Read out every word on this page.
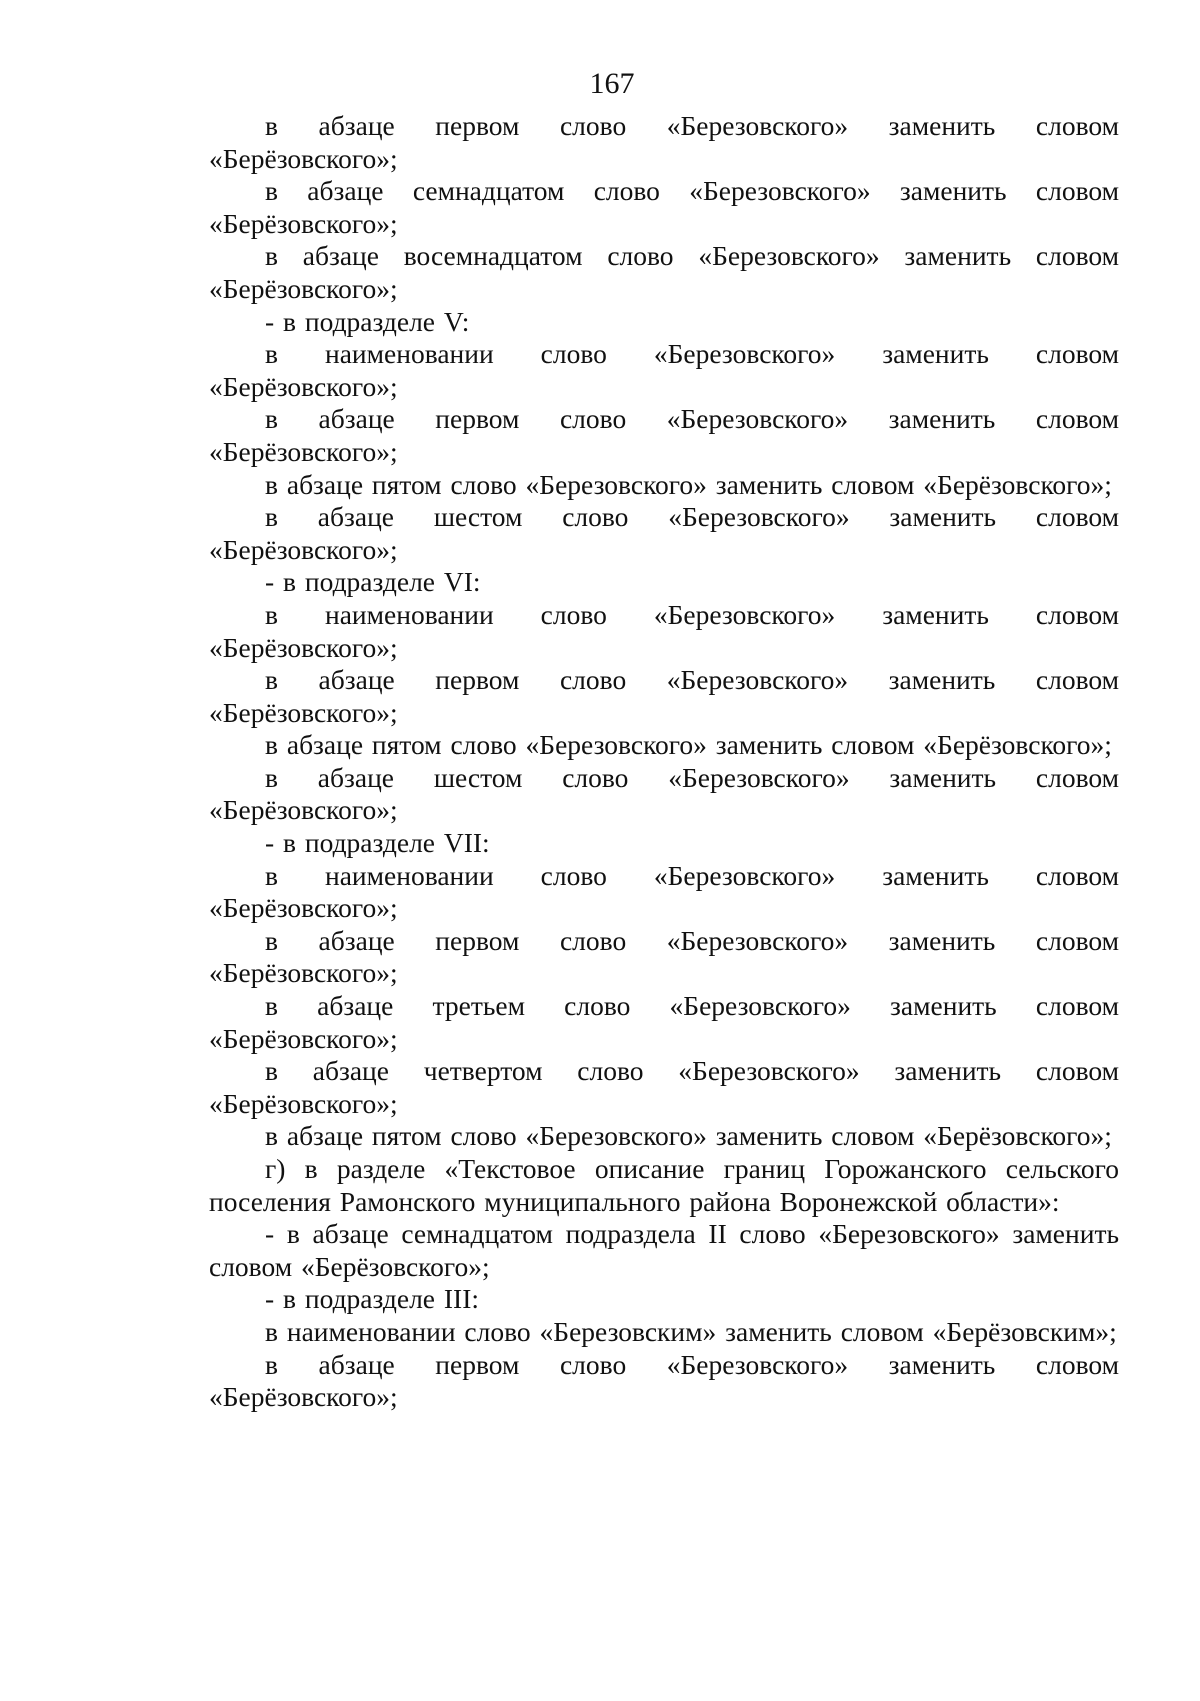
167

в абзаце первом слово «Березовского» заменить словом «Берёзовского»;

в абзаце семнадцатом слово «Березовского» заменить словом «Берёзовского»;

в абзаце восемнадцатом слово «Березовского» заменить словом «Берёзовского»;

- в подразделе V:

в наименовании слово «Березовского» заменить словом «Берёзовского»;

в абзаце первом слово «Березовского» заменить словом «Берёзовского»;

в абзаце пятом слово «Березовского» заменить словом «Берёзовского»;

в абзаце шестом слово «Березовского» заменить словом «Берёзовского»;

- в подразделе VI:

в наименовании слово «Березовского» заменить словом «Берёзовского»;

в абзаце первом слово «Березовского» заменить словом «Берёзовского»;

в абзаце пятом слово «Березовского» заменить словом «Берёзовского»;

в абзаце шестом слово «Березовского» заменить словом «Берёзовского»;

- в подразделе VII:

в наименовании слово «Березовского» заменить словом «Берёзовского»;

в абзаце первом слово «Березовского» заменить словом «Берёзовского»;

в абзаце третьем слово «Березовского» заменить словом «Берёзовского»;

в абзаце четвертом слово «Березовского» заменить словом «Берёзовского»;

в абзаце пятом слово «Березовского» заменить словом «Берёзовского»;

г) в разделе «Текстовое описание границ Горожанского сельского поселения Рамонского муниципального района Воронежской области»:

- в абзаце семнадцатом подраздела II слово «Березовского» заменить словом «Берёзовского»;

- в подразделе III:

в наименовании слово «Березовским» заменить словом «Берёзовским»;

в абзаце первом слово «Березовского» заменить словом «Берёзовского»;
